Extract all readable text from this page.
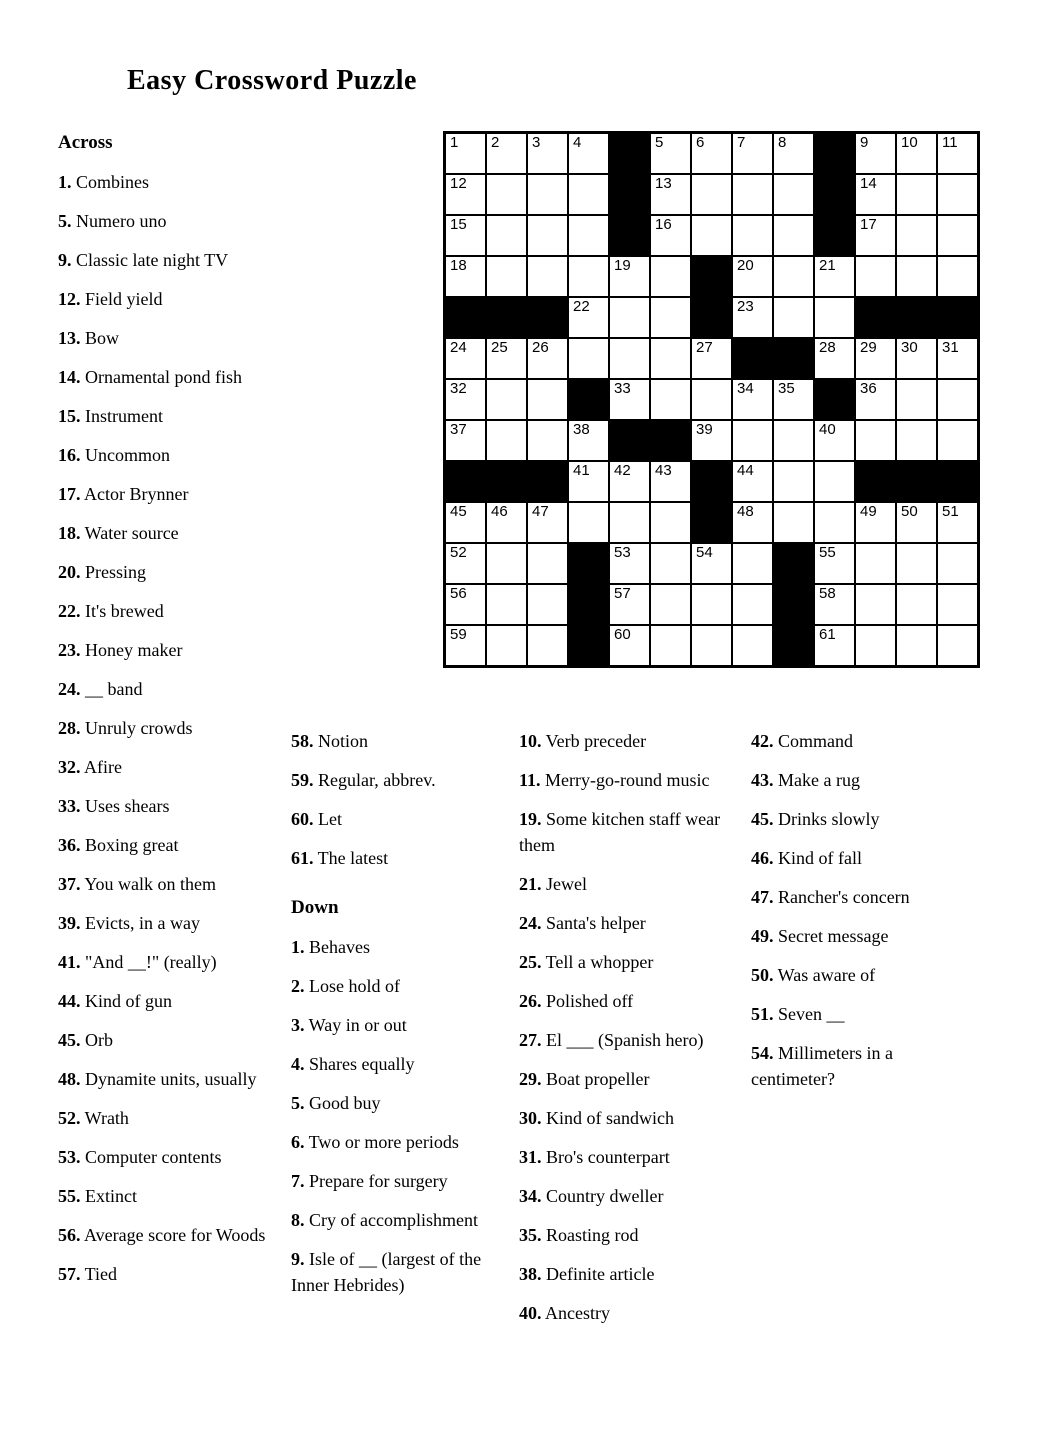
Easy Crossword Puzzle
1 2 3 4	5 6 7 8	9 10 11
12	13	14
15	16	17
18	19	20	21
22	23
24 25 26	27	28 29 30 31
32	33	34 35	36
37	38	39	40
41 42 43	44
45 46 47	48	49 50 51
52	53	54	55
56	57	58
59	60	61
Across

1. Combines

5. Numero uno

9. Classic late night TV

12. Field yield

13. Bow

14. Ornamental pond fish

15. Instrument

16. Uncommon

17. Actor Brynner

18. Water source

20. Pressing

22. It's brewed

23. Honey maker

24. __ band

28. Unruly crowds

32. Afire

33. Uses shears

36. Boxing great

37. You walk on them

39. Evicts, in a way

41. "And __!" (really)

44. Kind of gun

45. Orb

48. Dynamite units, usually

52. Wrath

53. Computer contents

55. Extinct

56. Average score for Woods

57. Tied

58. Notion

59. Regular, abbrev.

60. Let

61. The latest

Down

1. Behaves

2. Lose hold of

3. Way in or out

4. Shares equally

5. Good buy

6. Two or more periods

7. Prepare for surgery

8. Cry of accomplishment

9. Isle of __ (largest of the Inner Hebrides)

10. Verb preceder

11. Merry-go-round music

19. Some kitchen staff wear them

21. Jewel

24. Santa's helper

25. Tell a whopper

26. Polished off

27. El ___ (Spanish hero)

29. Boat propeller

30. Kind of sandwich

31. Bro's counterpart

34. Country dweller

35. Roasting rod

38. Definite article

40. Ancestry

42. Command

43. Make a rug

45. Drinks slowly

46. Kind of fall

47. Rancher's concern

49. Secret message

50. Was aware of

51. Seven __

54. Millimeters in a centimeter?
